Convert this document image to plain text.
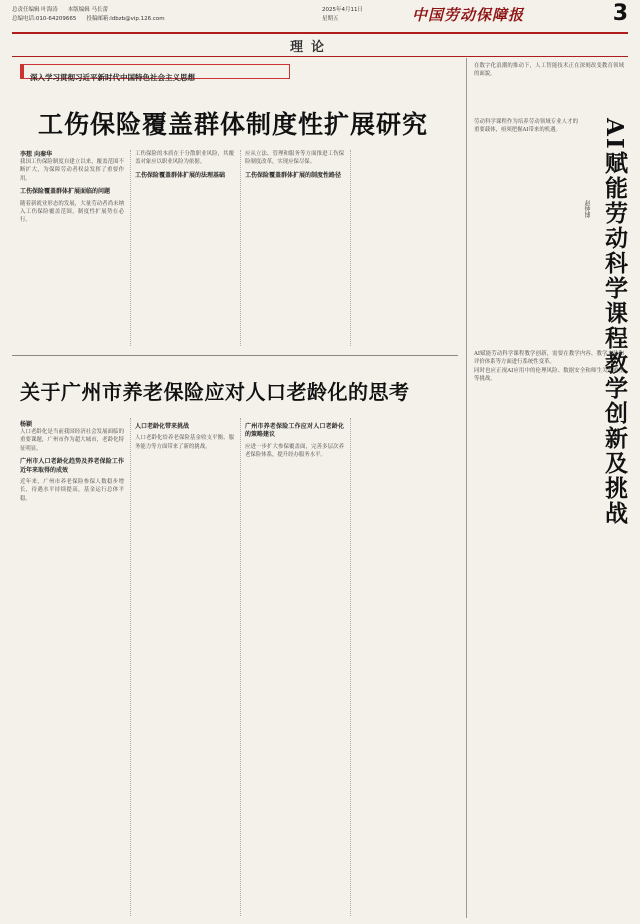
总责任编辑 叶海涛 本版编辑 马长蕾
总编电话:010-64209665 投稿邮箱:ldbzb@vip.126.com
2025年4月11日
星期五	中国劳动保障报	3
理论
深入学习贯彻习近平新时代中国特色社会主义思想
工伤保险覆盖群体制度性扩展研究
李想 向秦华

我国工伤保险制度自建立以来，覆盖范围不断扩大，为保障劳动者权益发挥了重要作用。

工伤保险覆盖群体扩展面临的问题

随着新就业形态的发展，大量劳动者尚未纳入工伤保险覆盖范围，制度性扩展势在必行。

工伤保险的本质在于分散职业风险，其覆盖对象应以职业风险为依据。

工伤保险覆盖群体扩展的法理基础

应从立法、管理和服务等方面推进工伤保险制度改革，实现应保尽保。

工伤保险覆盖群体扩展的制度性路径

在数字化浪潮的推动下，人工智能技术正在深刻改变教育领域的面貌。

AI赋能劳动科学课程教学创新及挑战
赵钟博

劳动科学课程作为培养劳动领域专业人才的重要载体，亟须把握AI带来的机遇。

AI赋能劳动科学课程教学创新，需要在教学内容、教学方法和评价体系等方面进行系统性变革。

同时也应正视AI应用中的伦理风险、数据安全和师生关系重塑等挑战。

关于广州市养老保险应对人口老龄化的思考
杨颖

人口老龄化是当前我国经济社会发展面临的重要课题，广州市作为超大城市，老龄化特征明显。

广州市人口老龄化趋势及养老保险工作近年来取得的成效

近年来，广州市养老保险参保人数稳步增长，待遇水平持续提高，基金运行总体平稳。

人口老龄化带来挑战

人口老龄化给养老保险基金收支平衡、服务能力等方面带来了新的挑战。

广州市养老保险工作应对人口老龄化的策略建议

应进一步扩大参保覆盖面，完善多层次养老保险体系，提升经办服务水平。
